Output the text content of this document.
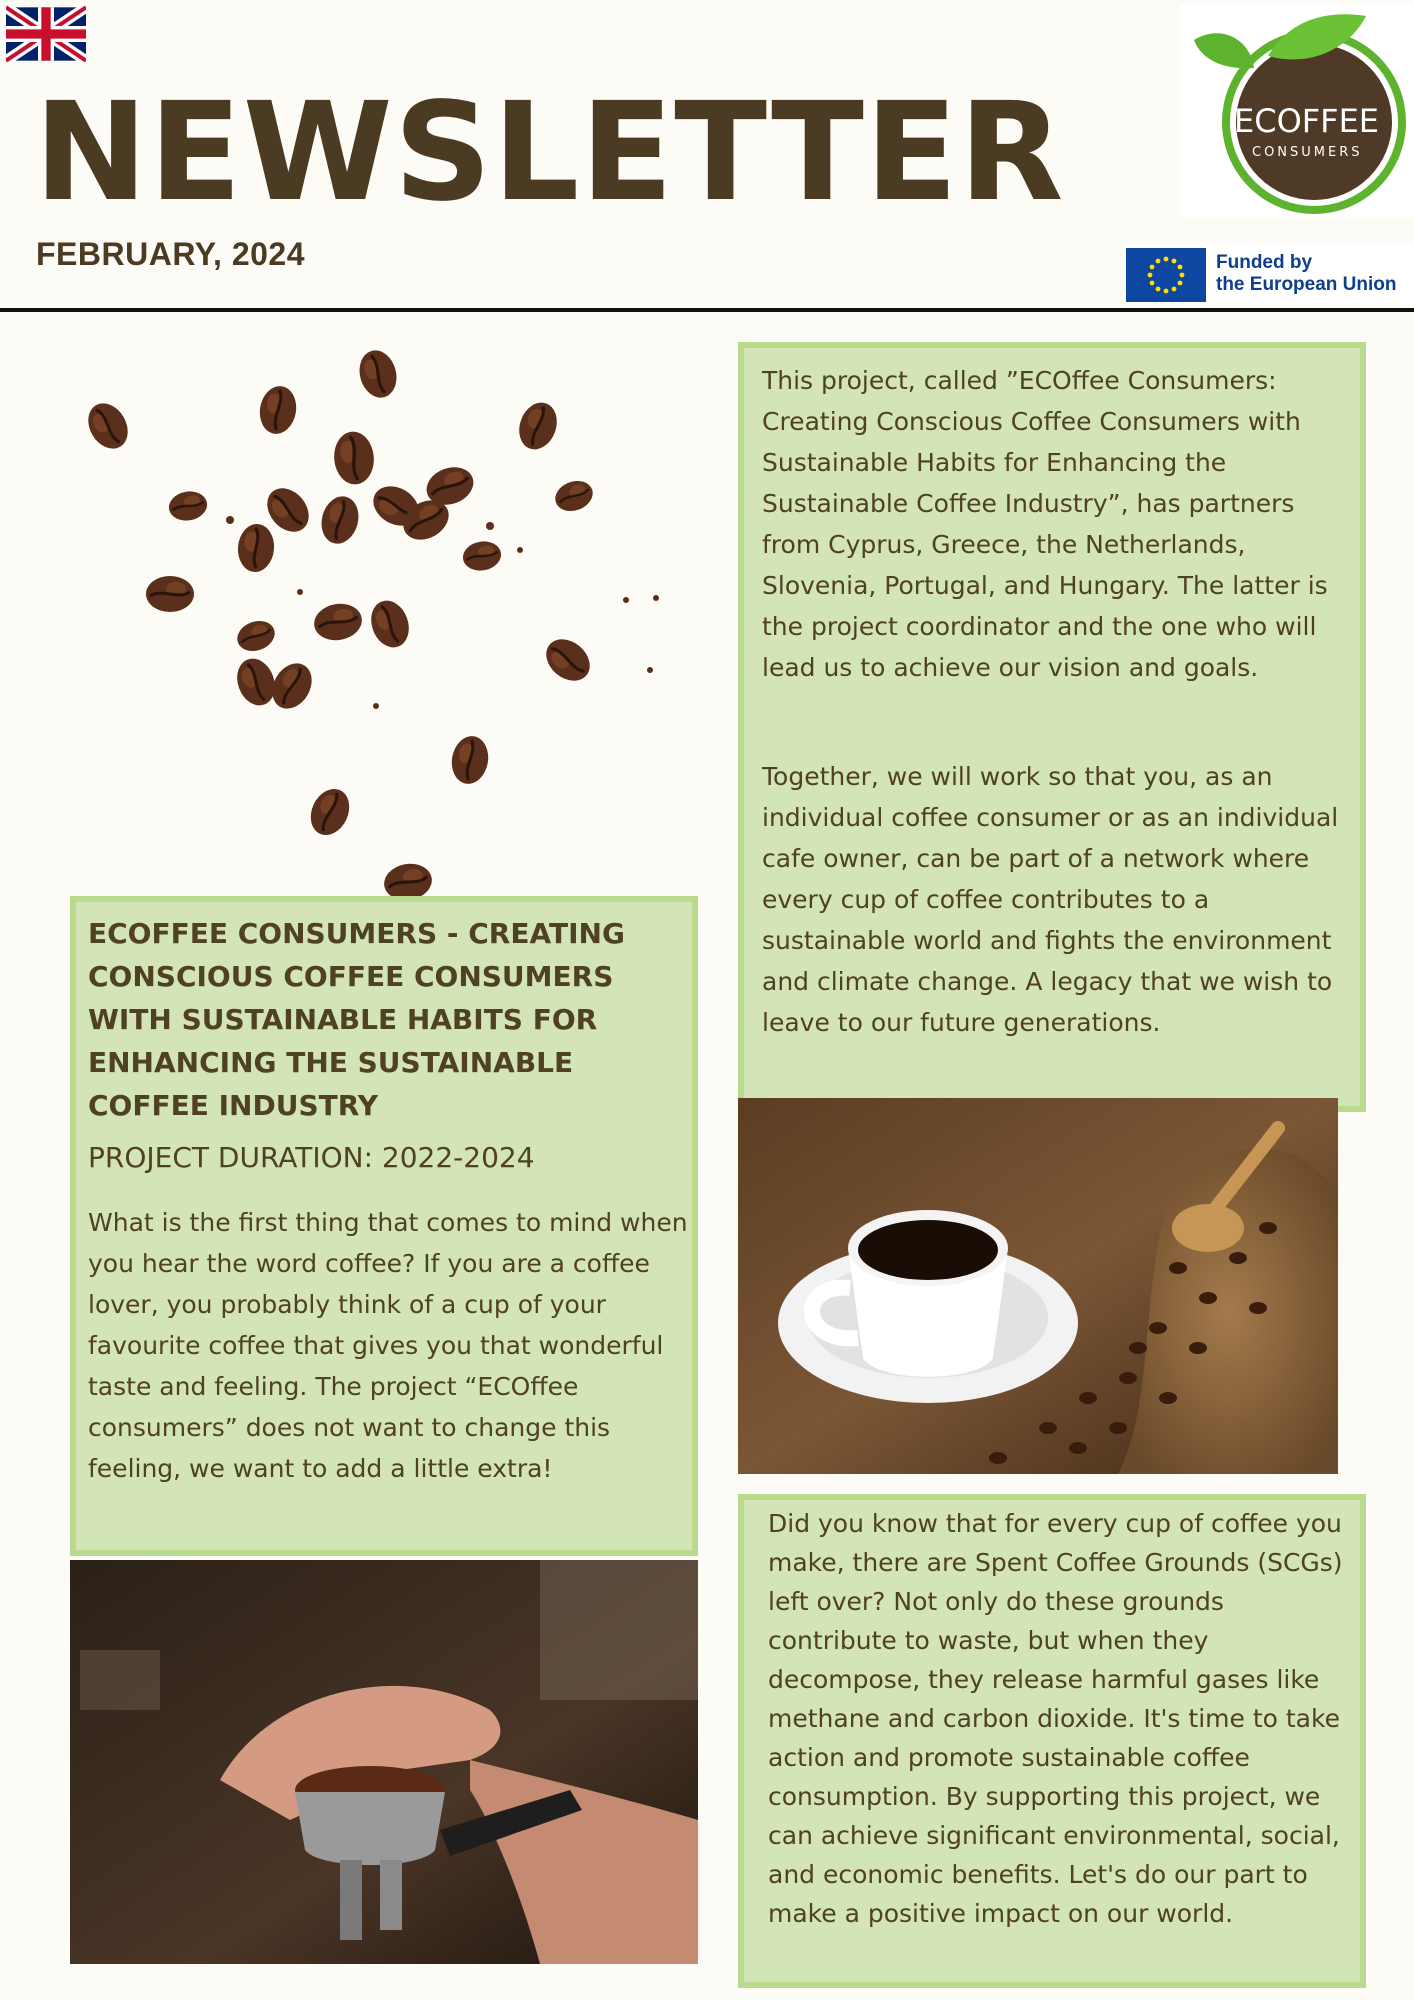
NEWSLETTER
FEBRUARY, 2024
ECOFFEE
CONSUMERS
Funded by
the European Union

This project, called ”ECOffee Consumers: Creating Conscious Coffee Consumers with Sustainable Habits for Enhancing the Sustainable Coffee Industry”, has partners from Cyprus, Greece, the Netherlands, Slovenia, Portugal, and Hungary. The latter is the project coordinator and the one who will lead us to achieve our vision and goals.

Together, we will work so that you, as an individual coffee consumer or as an individual cafe owner, can be part of a network where every cup of coffee contributes to a sustainable world and fights the environment and climate change. A legacy that we wish to leave to our future generations.

ECOFFEE CONSUMERS - CREATING CONSCIOUS COFFEE CONSUMERS WITH SUSTAINABLE HABITS FOR ENHANCING THE SUSTAINABLE COFFEE INDUSTRY
PROJECT DURATION: 2022-2024

What is the first thing that comes to mind when you hear the word coffee? If you are a coffee lover, you probably think of a cup of your favourite coffee that gives you that wonderful taste and feeling. The project “ECOffee consumers” does not want to change this feeling, we want to add a little extra!

Did you know that for every cup of coffee you make, there are Spent Coffee Grounds (SCGs) left over? Not only do these grounds contribute to waste, but when they decompose, they release harmful gases like methane and carbon dioxide. It's time to take action and promote sustainable coffee consumption. By supporting this project, we can achieve significant environmental, social, and economic benefits. Let's do our part to make a positive impact on our world.
